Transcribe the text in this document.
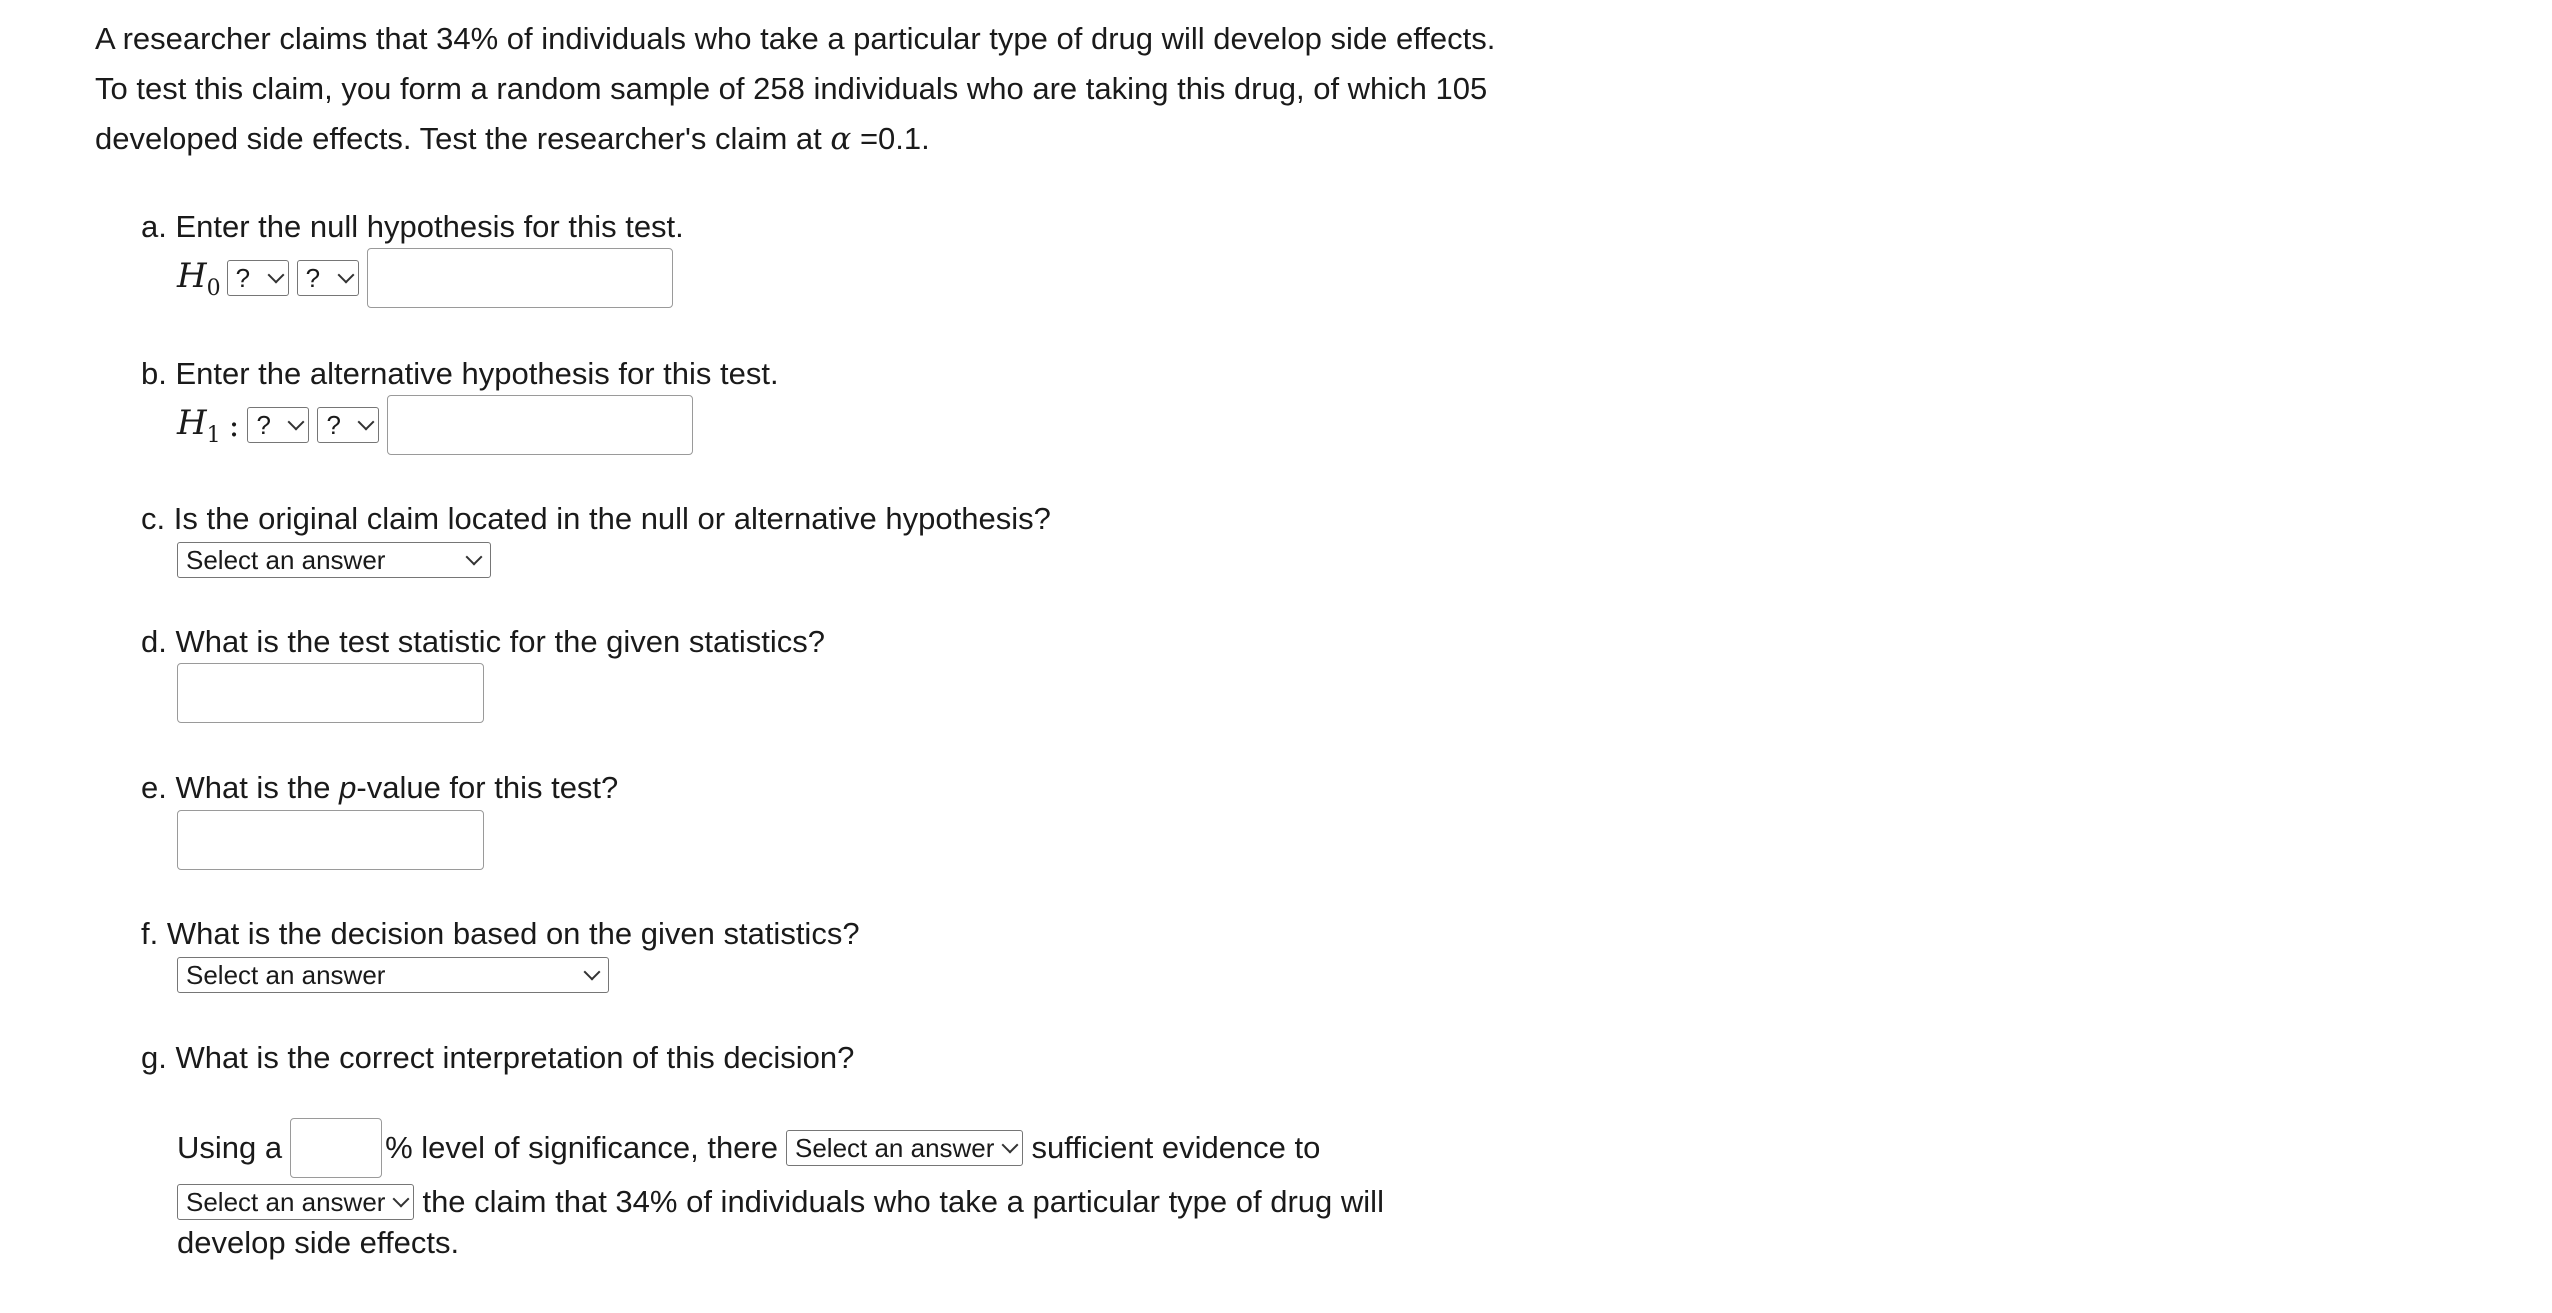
A researcher claims that 34% of individuals who take a particular type of drug will develop side effects.
To test this claim, you form a random sample of 258 individuals who are taking this drug, of which 105
developed side effects. Test the researcher's claim at α =0.1.
a. Enter the null hypothesis for this test.
$H_0$ ? ?
b. Enter the alternative hypothesis for this test.
$H_1$ : ? ?
c. Is the original claim located in the null or alternative hypothesis?
Select an answer
d. What is the test statistic for the given statistics?
e. What is the p-value for this test?
f. What is the decision based on the given statistics?
Select an answer
g. What is the correct interpretation of this decision?
Using a	% level of significance, there Select an answer sufficient evidence to
Select an answer the claim that 34% of individuals who take a particular type of drug will
develop side effects.
